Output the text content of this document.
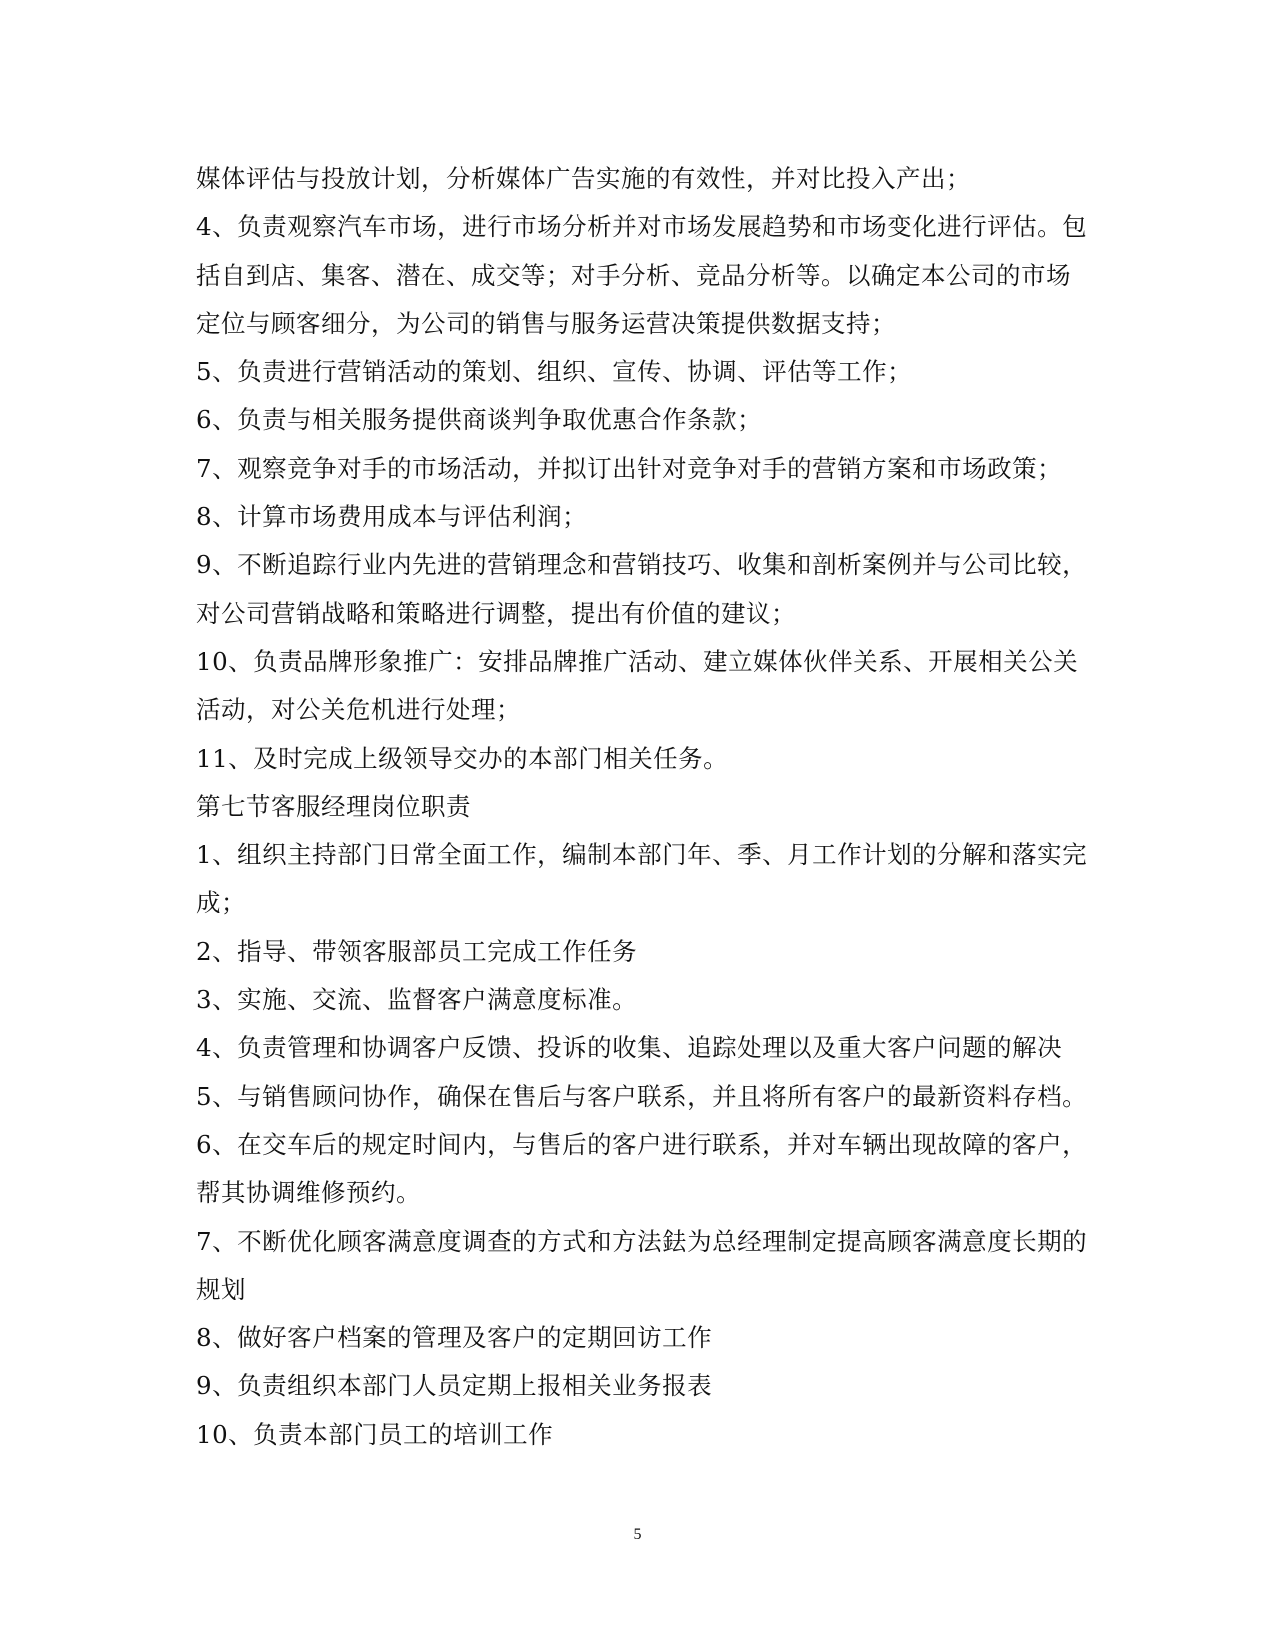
媒体评估与投放计划，分析媒体广告实施的有效性，并对比投入产出；
4、负责观察汽车市场，进行市场分析并对市场发展趋势和市场变化进行评估。包
括自到店、集客、潜在、成交等；对手分析、竞品分析等。以确定本公司的市场
定位与顾客细分，为公司的销售与服务运营决策提供数据支持；
5、负责进行营销活动的策划、组织、宣传、协调、评估等工作；
6、负责与相关服务提供商谈判争取优惠合作条款；
7、观察竞争对手的市场活动，并拟订出针对竞争对手的营销方案和市场政策；
8、计算市场费用成本与评估利润；
9、不断追踪行业内先进的营销理念和营销技巧、收集和剖析案例并与公司比较，
对公司营销战略和策略进行调整，提出有价值的建议；
10、负责品牌形象推广：安排品牌推广活动、建立媒体伙伴关系、开展相关公关
活动，对公关危机进行处理；
11、及时完成上级领导交办的本部门相关任务。
第七节客服经理岗位职责
1、组织主持部门日常全面工作，编制本部门年、季、月工作计划的分解和落实完
成；
2、指导、带领客服部员工完成工作任务
3、实施、交流、监督客户满意度标准。
4、负责管理和协调客户反馈、投诉的收集、追踪处理以及重大客户问题的解决
5、与销售顾问协作，确保在售后与客户联系，并且将所有客户的最新资料存档。
6、在交车后的规定时间内，与售后的客户进行联系，并对车辆出现故障的客户，
帮其协调维修预约。
7、不断优化顾客满意度调查的方式和方法鉣为总经理制定提高顾客满意度长期的
规划
8、做好客户档案的管理及客户的定期回访工作
9、负责组织本部门人员定期上报相关业务报表
10、负责本部门员工的培训工作
5
